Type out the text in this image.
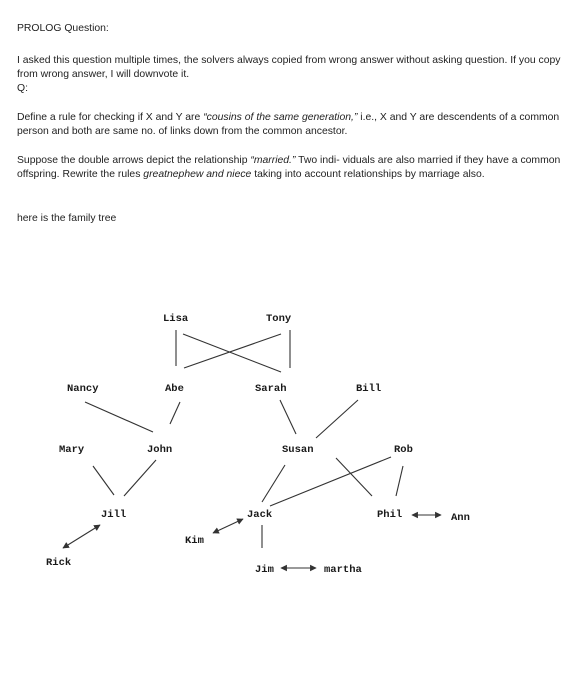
PROLOG Question:
I asked this question multiple times, the solvers always copied from wrong answer without asking question. If you copy from wrong answer, I will downvote it.
Q:
Define a rule for checking if X and Y are “cousins of the same generation,” i.e., X and Y are descendents of a common person and both are same no. of links down from the common ancestor.
Suppose the double arrows depict the relationship “married.” Two indi- viduals are also married if they have a common offspring. Rewrite the rules greatnephew and niece taking into account relationships by marriage also.
here is the family tree
Lisa	Tony
Nancy	Abe	Sarah	Bill
Mary	John	Susan	Rob
Jill	Jack	Phil	Ann
Kim
Rick
Jim	martha
